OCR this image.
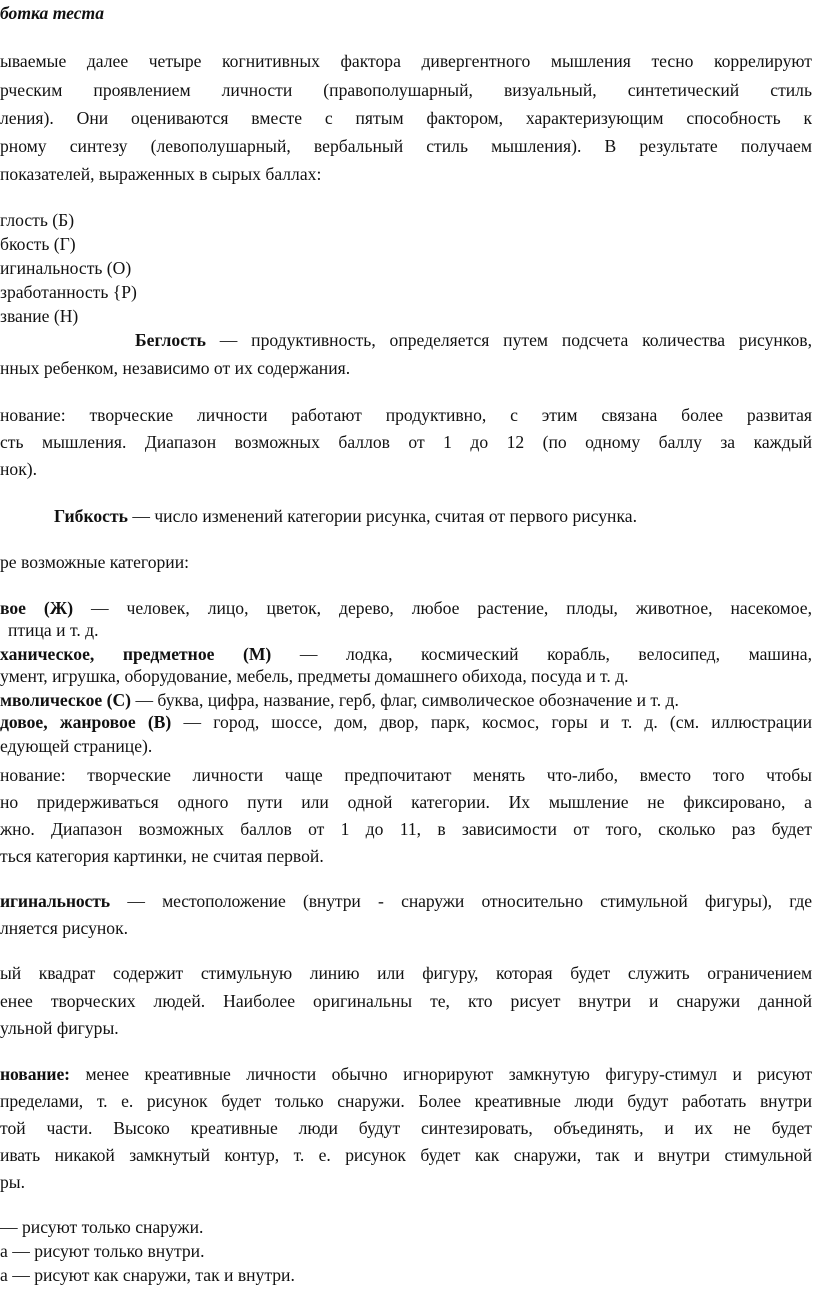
ботка теста
ываемые далее четыре когнитивных фактора дивергентного мышления тесно коррелируют
рческим проявлением личности (правополушарный, визуальный, синтетический стиль
ления). Они оцениваются вместе с пятым фактором, характеризующим способность к
рному синтезу (левополушарный, вербальный стиль мышления). В результате получаем
показателей, выраженных в сырых баллах:
глость (Б)
бкость (Г)
игинальность (О)
зработанность {Р)
звание (Н)
Беглость — продуктивность, определяется путем подсчета количества рисунков,
нных ребенком, независимо от их содержания.
нование: творческие личности работают продуктивно, с этим связана более развитая
сть мышления. Диапазон возможных баллов от 1 до 12 (по одному баллу за каждый
нок).
Гибкость — число изменений категории рисунка, считая от первого рисунка.
ре возможные категории:
вое (Ж) — человек, лицо, цветок, дерево, любое растение, плоды, животное, насекомое,
птица и т. д.
ханическое, предметное (М) — лодка, космический корабль, велосипед, машина,
умент, игрушка, оборудование, мебель, предметы домашнего обихода, посуда и т. д.
мволическое (С) — буква, цифра, название, герб, флаг, символическое обозначение и т. д.
довое, жанровое (В) — город, шоссе, дом, двор, парк, космос, горы и т. д. (см. иллюстрации
едующей странице).
нование: творческие личности чаще предпочитают менять что-либо, вместо того чтобы
но придерживаться одного пути или одной категории. Их мышление не фиксировано, а
жно. Диапазон возможных баллов от 1 до 11, в зависимости от того, сколько раз будет
ться категория картинки, не считая первой.
игинальность — местоположение (внутри - снаружи относительно стимульной фигуры), где
лняется рисунок.
ый квадрат содержит стимульную линию или фигуру, которая будет служить ограничением
енее творческих людей. Наиболее оригинальны те, кто рисует внутри и снаружи данной
ульной фигуры.
нование: менее креативные личности обычно игнорируют замкнутую фигуру-стимул и рисуют
пределами, т. е. рисунок будет только снаружи. Более креативные люди будут работать внутри
той части. Высоко креативные люди будут синтезировать, объединять, и их не будет
ивать никакой замкнутый контур, т. е. рисунок будет как снаружи, так и внутри стимульной
ры.
— рисуют только снаружи.
а — рисуют только внутри.
а — рисуют как снаружи, так и внутри.
